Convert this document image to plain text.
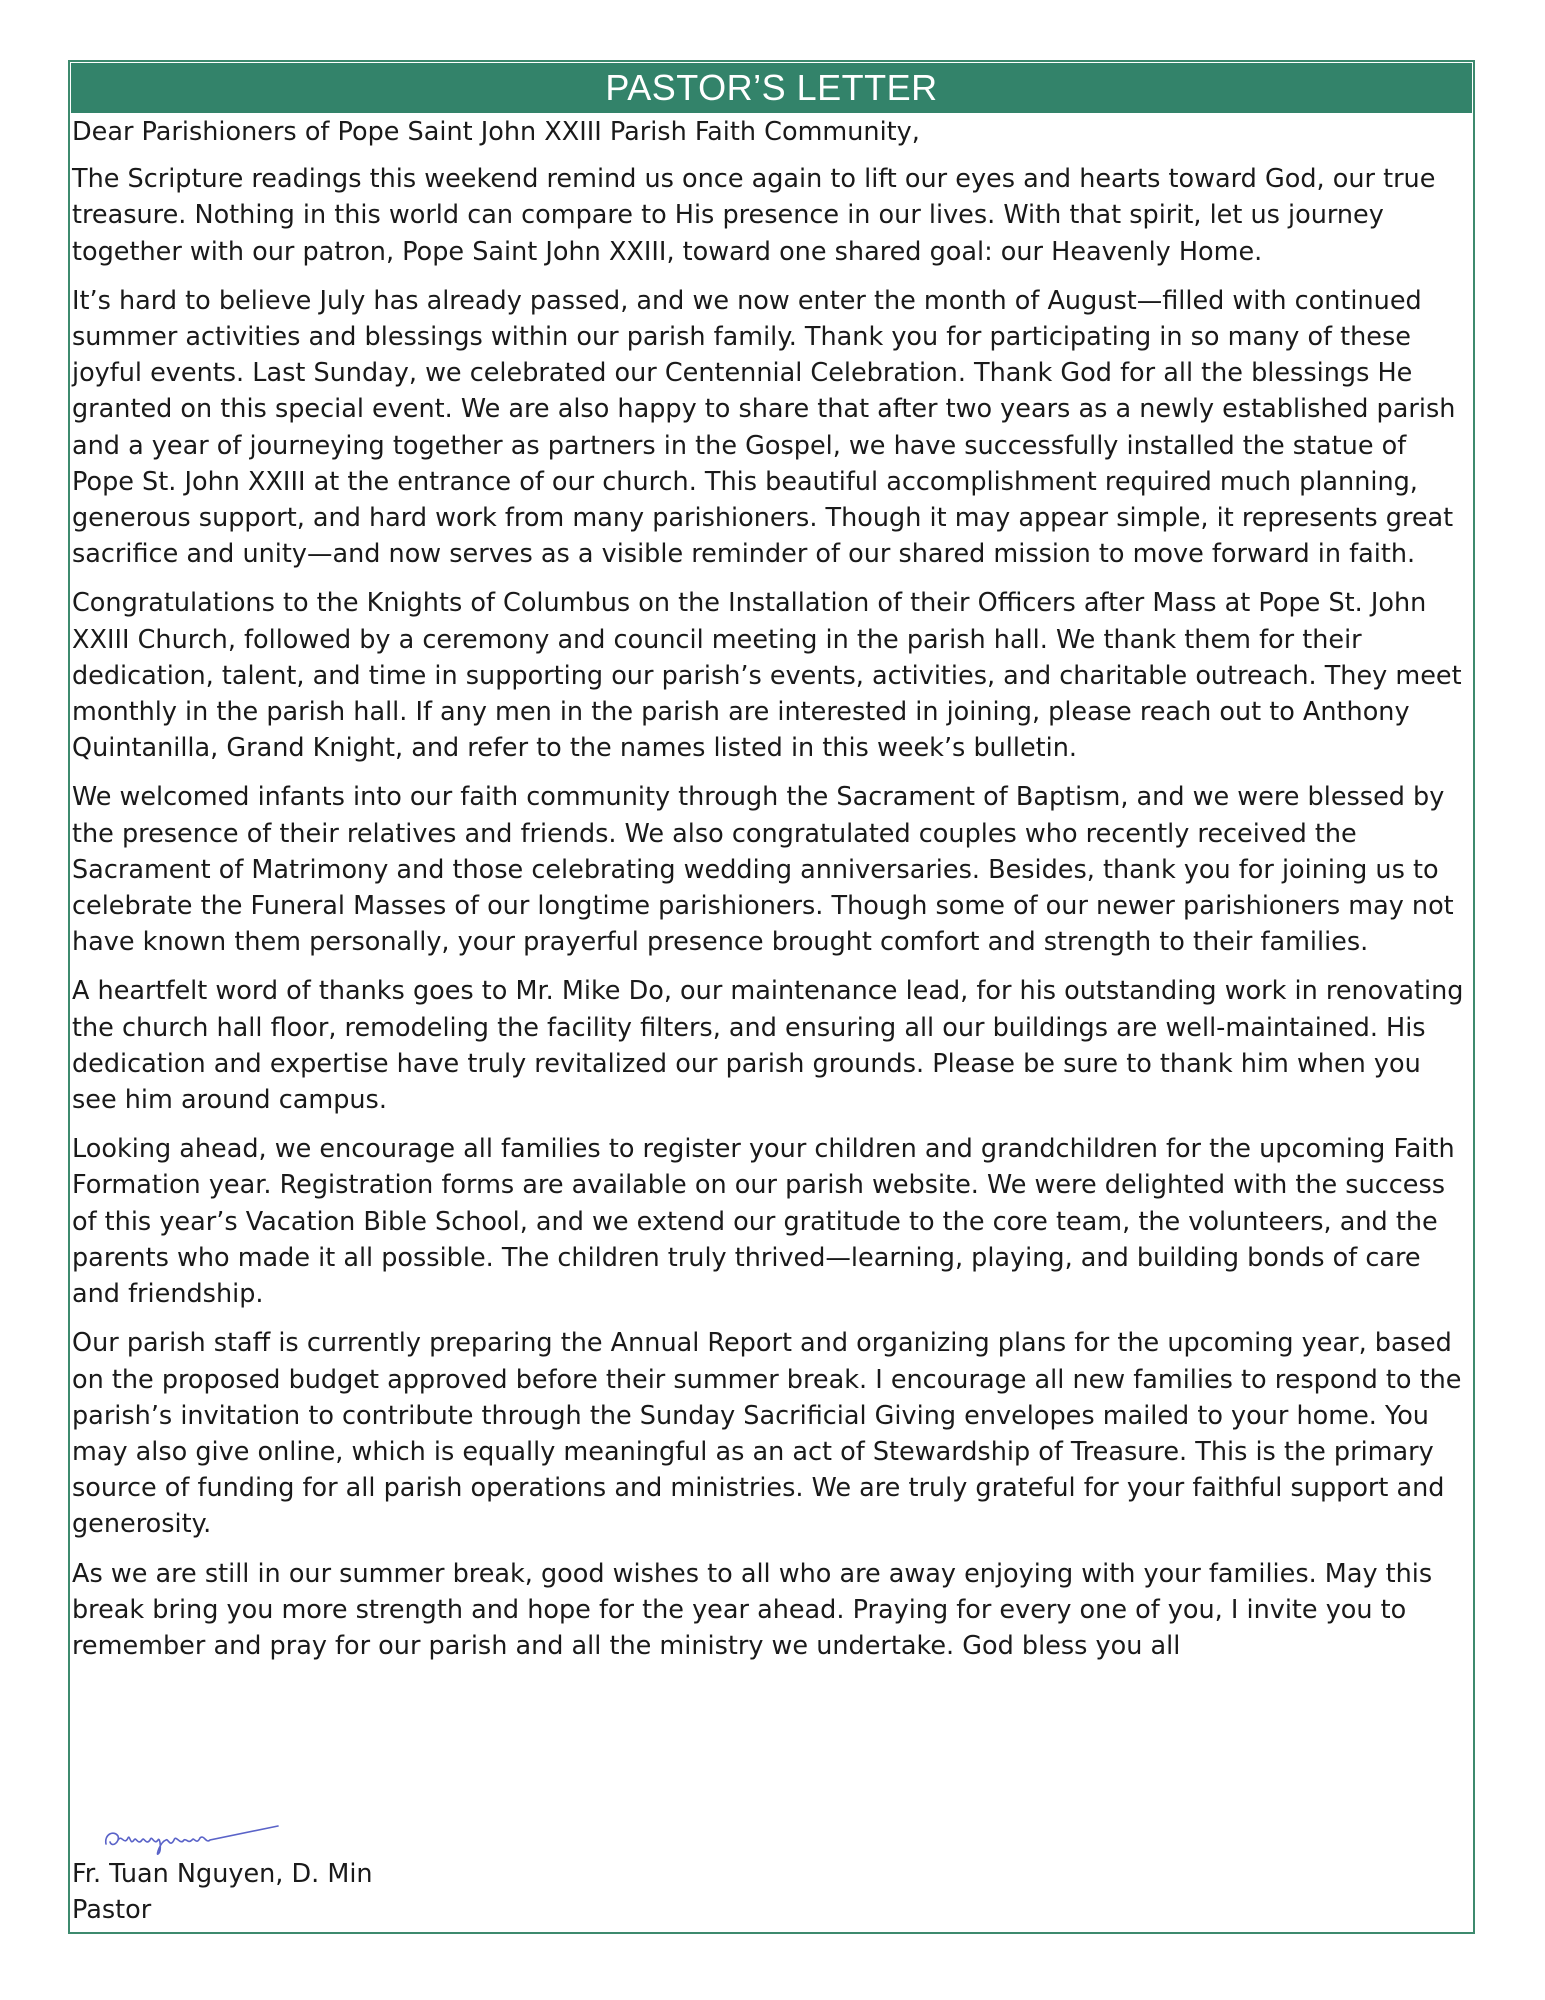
PASTOR’S LETTER

Dear Parishioners of Pope Saint John XXIII Parish Faith Community,

The Scripture readings this weekend remind us once again to lift our eyes and hearts toward God, our true treasure. Nothing in this world can compare to His presence in our lives. With that spirit, let us journey together with our patron, Pope Saint John XXIII, toward one shared goal: our Heavenly Home.

It’s hard to believe July has already passed, and we now enter the month of August—filled with continued summer activities and blessings within our parish family. Thank you for participating in so many of these joyful events. Last Sunday, we celebrated our Centennial Celebration. Thank God for all the blessings He granted on this special event. We are also happy to share that after two years as a newly established parish and a year of journeying together as partners in the Gospel, we have successfully installed the statue of Pope St. John XXIII at the entrance of our church. This beautiful accomplishment required much planning, generous support, and hard work from many parishioners. Though it may appear simple, it represents great sacrifice and unity—and now serves as a visible reminder of our shared mission to move forward in faith.

Congratulations to the Knights of Columbus on the Installation of their Officers after Mass at Pope St. John XXIII Church, followed by a ceremony and council meeting in the parish hall. We thank them for their dedication, talent, and time in supporting our parish’s events, activities, and charitable outreach. They meet monthly in the parish hall. If any men in the parish are interested in joining, please reach out to Anthony Quintanilla, Grand Knight, and refer to the names listed in this week’s bulletin.

We welcomed infants into our faith community through the Sacrament of Baptism, and we were blessed by the presence of their relatives and friends. We also congratulated couples who recently received the Sacrament of Matrimony and those celebrating wedding anniversaries. Besides, thank you for joining us to celebrate the Funeral Masses of our longtime parishioners. Though some of our newer parishioners may not have known them personally, your prayerful presence brought comfort and strength to their families.

A heartfelt word of thanks goes to Mr. Mike Do, our maintenance lead, for his outstanding work in renovating the church hall floor, remodeling the facility filters, and ensuring all our buildings are well-maintained. His dedication and expertise have truly revitalized our parish grounds. Please be sure to thank him when you see him around campus.

Looking ahead, we encourage all families to register your children and grandchildren for the upcoming Faith Formation year. Registration forms are available on our parish website. We were delighted with the success of this year’s Vacation Bible School, and we extend our gratitude to the core team, the volunteers, and the parents who made it all possible. The children truly thrived—learning, playing, and building bonds of care and friendship.

Our parish staff is currently preparing the Annual Report and organizing plans for the upcoming year, based on the proposed budget approved before their summer break. I encourage all new families to respond to the parish’s invitation to contribute through the Sunday Sacrificial Giving envelopes mailed to your home. You may also give online, which is equally meaningful as an act of Stewardship of Treasure. This is the primary source of funding for all parish operations and ministries. We are truly grateful for your faithful support and generosity.

As we are still in our summer break, good wishes to all who are away enjoying with your families. May this break bring you more strength and hope for the year ahead. Praying for every one of you, I invite you to remember and pray for our parish and all the ministry we undertake. God bless you all

Fr. Tuan Nguyen, D. Min
Pastor
